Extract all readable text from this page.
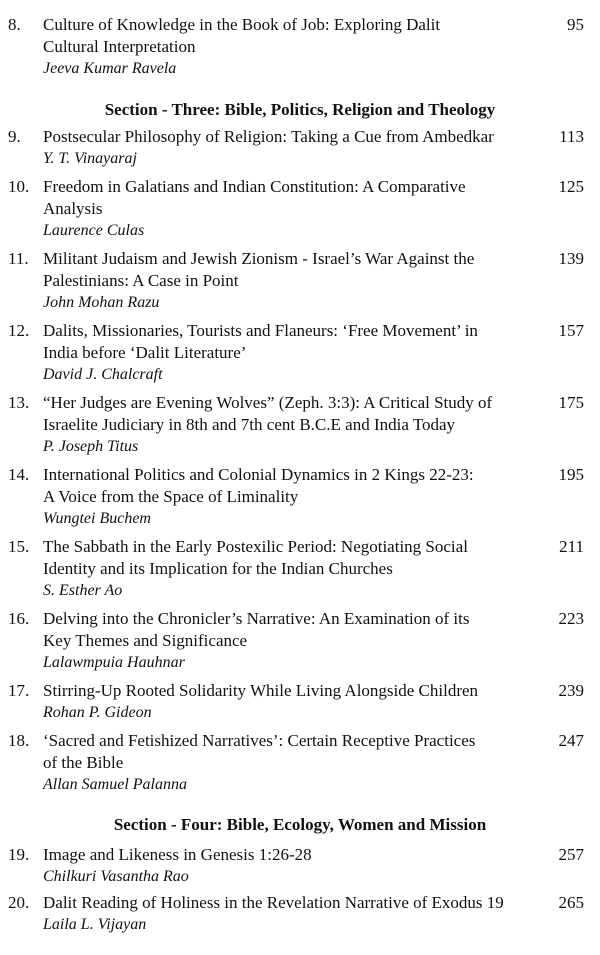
8.	Culture of Knowledge in the Book of Job: Exploring Dalit
Cultural Interpretation
Jeeva Kumar Ravela
95
Section - Three: Bible, Politics, Religion and Theology
9.	Postsecular Philosophy of Religion: Taking a Cue from Ambedkar
Y. T. Vinayaraj
113
10. Freedom in Galatians and Indian Constitution: A Comparative
Analysis
Laurence Culas
125
11. Militant Judaism and Jewish Zionism - Israel’s War Against the
Palestinians: A Case in Point
John Mohan Razu
139
12. Dalits, Missionaries, Tourists and Flaneurs: ‘Free Movement’ in
India before ‘Dalit Literature’
David J. Chalcraft
157
13. “Her Judges are Evening Wolves” (Zeph. 3:3): A Critical Study of
Israelite Judiciary in 8th and 7th cent B.C.E and India Today
P. Joseph Titus
175
14. International Politics and Colonial Dynamics in 2 Kings 22-23:
A Voice from the Space of Liminality
Wungtei Buchem
195
15. The Sabbath in the Early Postexilic Period: Negotiating Social
Identity and its Implication for the Indian Churches
S. Esther Ao
211
16. Delving into the Chronicler’s Narrative: An Examination of its
Key Themes and Significance
Lalawmpuia Hauhnar
223
17. Stirring-Up Rooted Solidarity While Living Alongside Children
Rohan P. Gideon
239
18. ‘Sacred and Fetishized Narratives’: Certain Receptive Practices
of the Bible
Allan Samuel Palanna
247
Section - Four: Bible, Ecology, Women and Mission
19. Image and Likeness in Genesis 1:26-28
Chilkuri Vasantha Rao
257
20. Dalit Reading of Holiness in the Revelation Narrative of Exodus 19
Laila L. Vijayan
265
